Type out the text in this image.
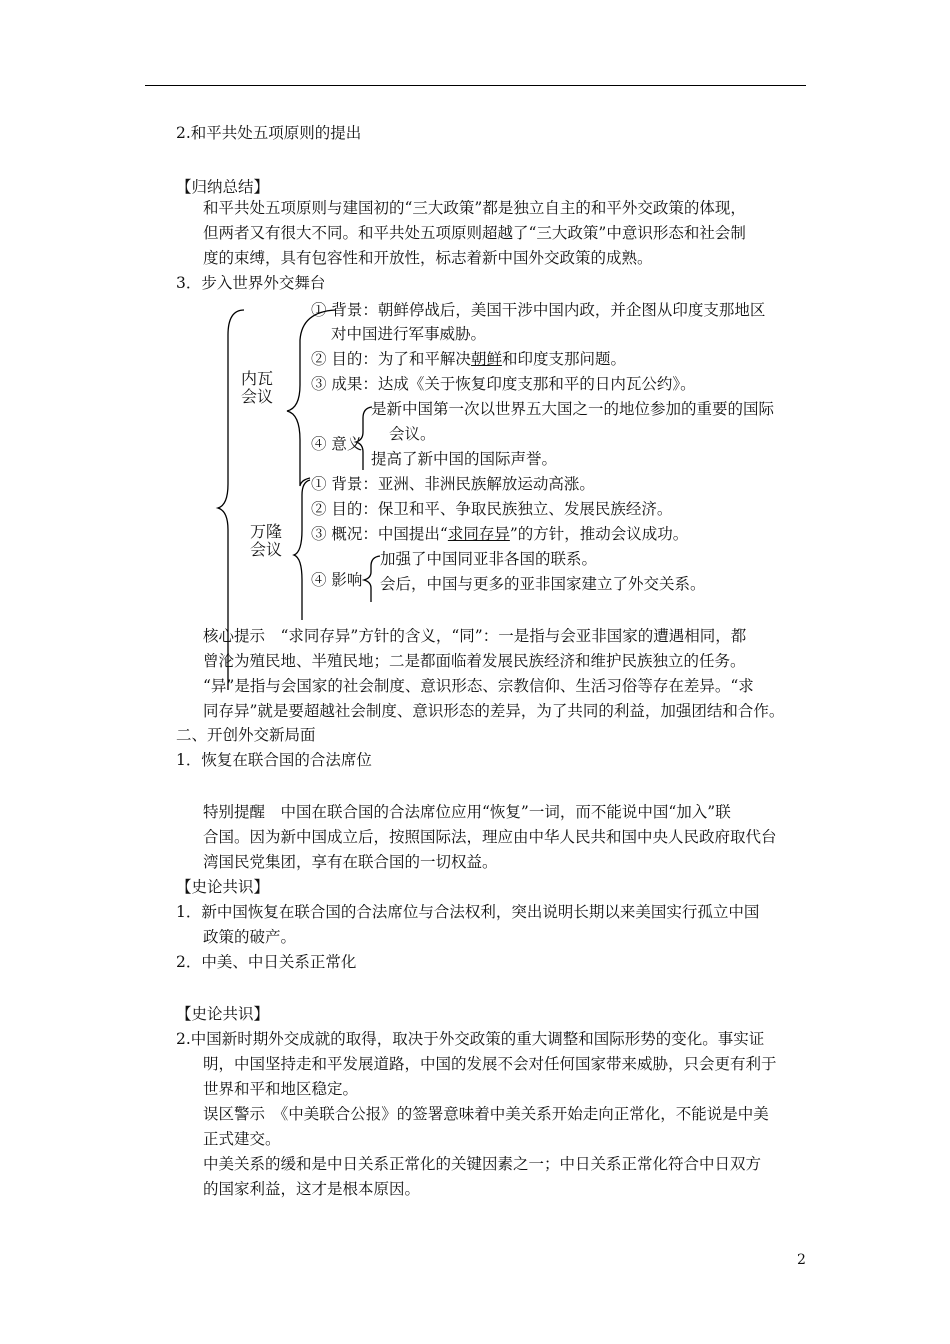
2.和平共处五项原则的提出
【归纳总结】
和平共处五项原则与建国初的“三大政策”都是独立自主的和平外交政策的体现，
但两者又有很大不同。和平共处五项原则超越了“三大政策”中意识形态和社会制
度的束缚，具有包容性和开放性，标志着新中国外交政策的成熟。
3．步入世界外交舞台
内瓦
会议
① 背景：朝鲜停战后，美国干涉中国内政，并企图从印度支那地区
对中国进行军事威胁。
② 目的：为了和平解决朝鲜和印度支那问题。
③ 成果：达成《关于恢复印度支那和平的日内瓦公约》。
④ 意义
是新中国第一次以世界五大国之一的地位参加的重要的国际
会议。
提高了新中国的国际声誉。
万隆
会议
① 背景：亚洲、非洲民族解放运动高涨。
② 目的：保卫和平、争取民族独立、发展民族经济。
③ 概况：中国提出“求同存异”的方针，推动会议成功。
④ 影响
加强了中国同亚非各国的联系。
会后，中国与更多的亚非国家建立了外交关系。
核心提示　“求同存异”方针的含义，“同”：一是指与会亚非国家的遭遇相同，都
曾沦为殖民地、半殖民地；二是都面临着发展民族经济和维护民族独立的任务。
“异”是指与会国家的社会制度、意识形态、宗教信仰、生活习俗等存在差异。“求
同存异”就是要超越社会制度、意识形态的差异，为了共同的利益，加强团结和合作。
二、开创外交新局面
1．恢复在联合国的合法席位
特别提醒　中国在联合国的合法席位应用“恢复”一词，而不能说中国“加入”联
合国。因为新中国成立后，按照国际法，理应由中华人民共和国中央人民政府取代台
湾国民党集团，享有在联合国的一切权益。
【史论共识】
1．新中国恢复在联合国的合法席位与合法权利，突出说明长期以来美国实行孤立中国
政策的破产。
2．中美、中日关系正常化
【史论共识】
2.中国新时期外交成就的取得，取决于外交政策的重大调整和国际形势的变化。事实证
明，中国坚持走和平发展道路，中国的发展不会对任何国家带来威胁，只会更有利于
世界和平和地区稳定。
误区警示　《中美联合公报》的签署意味着中美关系开始走向正常化，不能说是中美
正式建交。
中美关系的缓和是中日关系正常化的关键因素之一；中日关系正常化符合中日双方
的国家利益，这才是根本原因。
2
